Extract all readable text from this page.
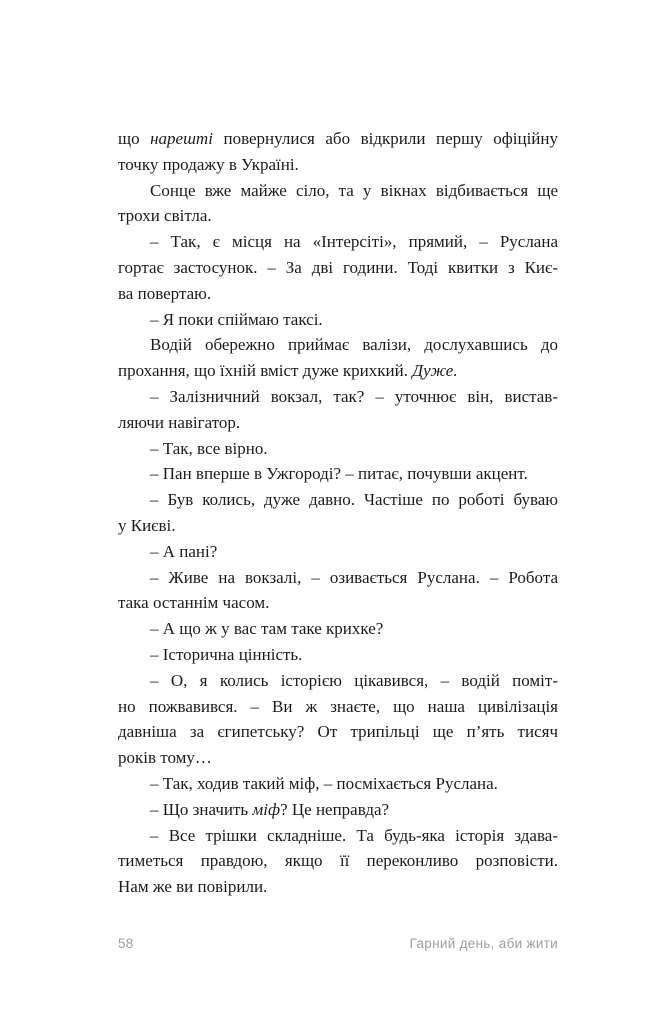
що нарешті повернулися або відкрили першу офіційну
точку продажу в Україні.
Сонце вже майже сіло, та у вікнах відбивається ще
трохи світла.
– Так, є місця на «Інтерсіті», прямий, – Руслана
гортає застосунок. – За дві години. Тоді квитки з Киє-
ва повертаю.
– Я поки спіймаю таксі.
Водій обережно приймає валізи, дослухавшись до
прохання, що їхній вміст дуже крихкий. Дуже.
– Залізничний вокзал, так? – уточнює він, вистав-
ляючи навігатор.
– Так, все вірно.
– Пан вперше в Ужгороді? – питає, почувши акцент.
– Був колись, дуже давно. Частіше по роботі буваю
у Києві.
– А пані?
– Живе на вокзалі, – озивається Руслана. – Робота
така останнім часом.
– А що ж у вас там таке крихке?
– Історична цінність.
– О, я колись історією цікавився, – водій поміт-
но пожвавився. – Ви ж знаєте, що наша цивілізація
давніша за єгипетську? От трипільці ще п’ять тисяч
років тому…
– Так, ходив такий міф, – посміхається Руслана.
– Що значить міф? Це неправда?
– Все трішки складніше. Та будь-яка історія здава-
тиметься правдою, якщо її переконливо розповісти.
Нам же ви повірили.
58	Гарний день, аби жити
